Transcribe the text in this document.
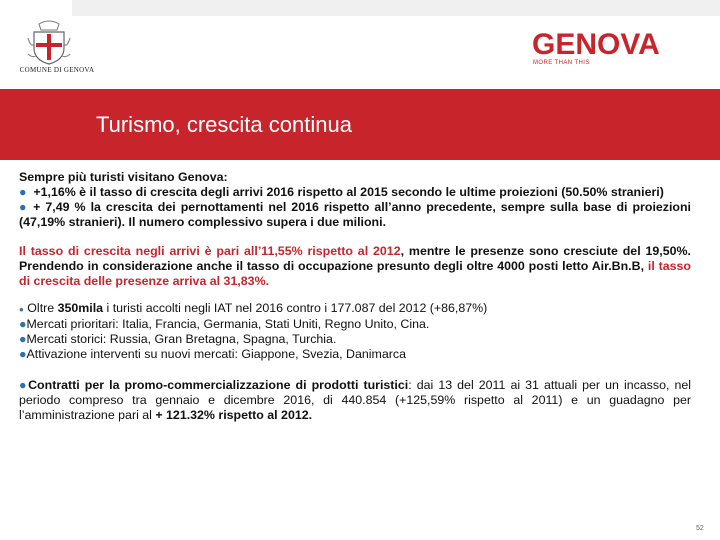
COMUNE DI GENOVA
GENOVA
MORE THAN THIS
Turismo, crescita continua

Sempre più turisti visitano Genova:

● +1,16% è il tasso di crescita degli arrivi 2016 rispetto al 2015 secondo le ultime proiezioni (50.50% stranieri)

● + 7,49 % la crescita dei pernottamenti nel 2016 rispetto all’anno precedente, sempre sulla base di proiezioni (47,19% stranieri). Il numero complessivo supera i due milioni.

Il tasso di crescita negli arrivi è pari all’11,55% rispetto al 2012, mentre le presenze sono cresciute del 19,50%. Prendendo in considerazione anche il tasso di occupazione presunto degli oltre 4000 posti letto Air.Bn.B, il tasso di crescita delle presenze arriva al 31,83%.

● Oltre 350mila i turisti accolti negli IAT nel 2016 contro i 177.087 del 2012 (+86,87%)

●Mercati prioritari: Italia, Francia, Germania, Stati Uniti, Regno Unito, Cina.

●Mercati storici: Russia, Gran Bretagna, Spagna, Turchia.

●Attivazione interventi su nuovi mercati: Giappone, Svezia, Danimarca

●Contratti per la promo-commercializzazione di prodotti turistici: dai 13 del 2011 ai 31 attuali per un incasso, nel periodo compreso tra gennaio e dicembre 2016, di 440.854 (+125,59% rispetto al 2011) e un guadagno per l’amministrazione pari al + 121.32% rispetto al 2012.

52
